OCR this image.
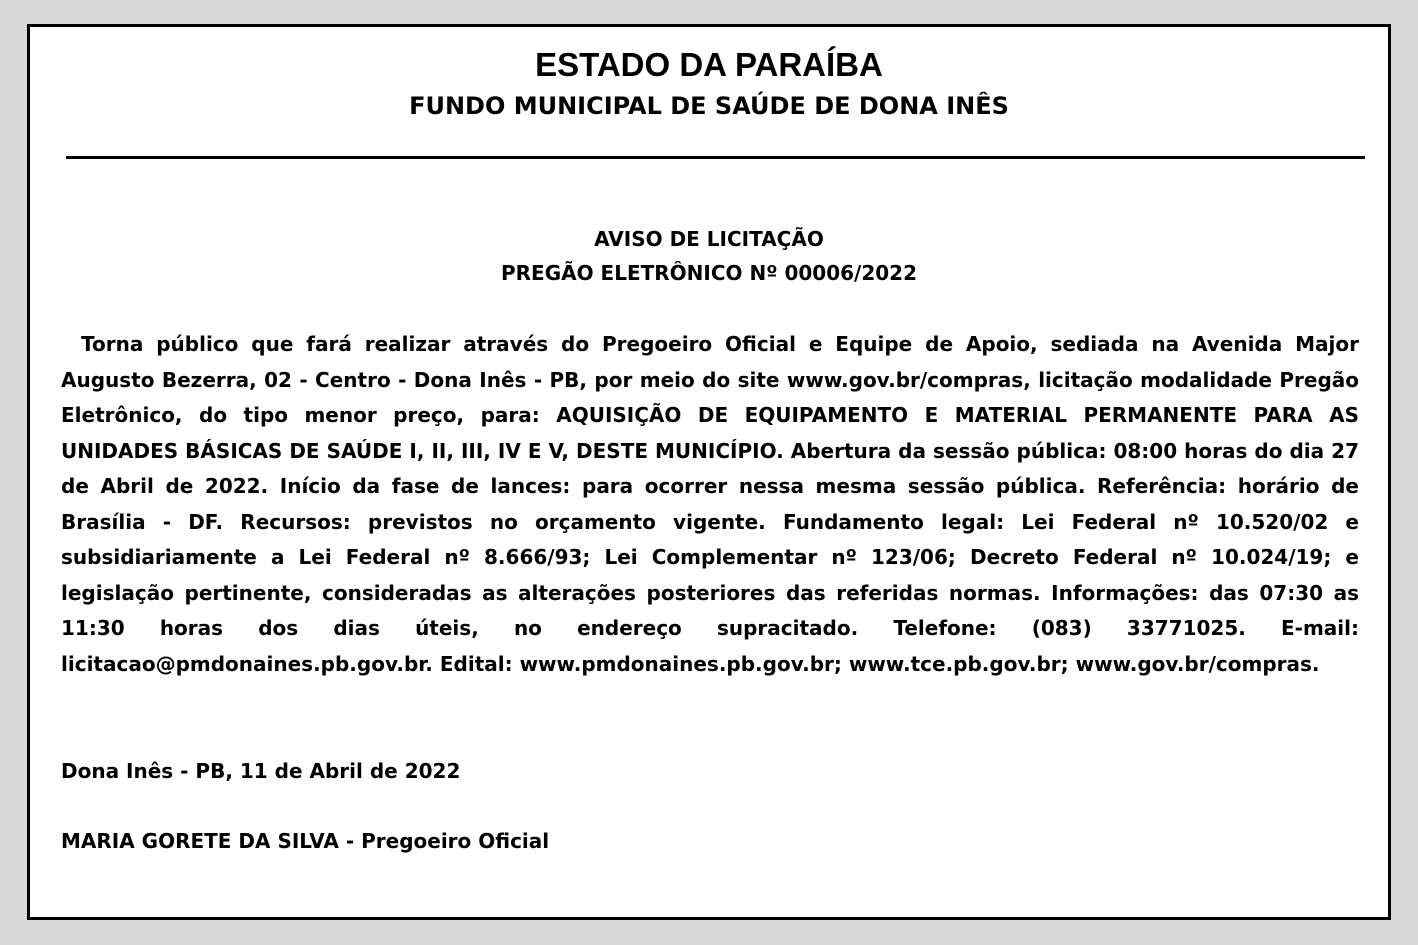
ESTADO DA PARAÍBA
FUNDO MUNICIPAL DE SAÚDE DE DONA INÊS
AVISO DE LICITAÇÃO
PREGÃO ELETRÔNICO Nº 00006/2022
Torna público que fará realizar através do Pregoeiro Oficial e Equipe de Apoio, sediada na Avenida Major Augusto Bezerra, 02 - Centro - Dona Inês - PB, por meio do site www.gov.br/compras, licitação modalidade Pregão Eletrônico, do tipo menor preço, para: AQUISIÇÃO DE EQUIPAMENTO E MATERIAL PERMANENTE PARA AS UNIDADES BÁSICAS DE SAÚDE I, II, III, IV E V, DESTE MUNICÍPIO. Abertura da sessão pública: 08:00 horas do dia 27 de Abril de 2022. Início da fase de lances: para ocorrer nessa mesma sessão pública. Referência: horário de Brasília - DF. Recursos: previstos no orçamento vigente. Fundamento legal: Lei Federal nº 10.520/02 e subsidiariamente a Lei Federal nº 8.666/93; Lei Complementar nº 123/06; Decreto Federal nº 10.024/19; e legislação pertinente, consideradas as alterações posteriores das referidas normas. Informações: das 07:30 as 11:30 horas dos dias úteis, no endereço supracitado. Telefone: (083) 33771025. E-mail: licitacao@pmdonaines.pb.gov.br. Edital: www.pmdonaines.pb.gov.br; www.tce.pb.gov.br; www.gov.br/compras.
Dona Inês - PB, 11 de Abril de 2022
MARIA GORETE DA SILVA - Pregoeiro Oficial
